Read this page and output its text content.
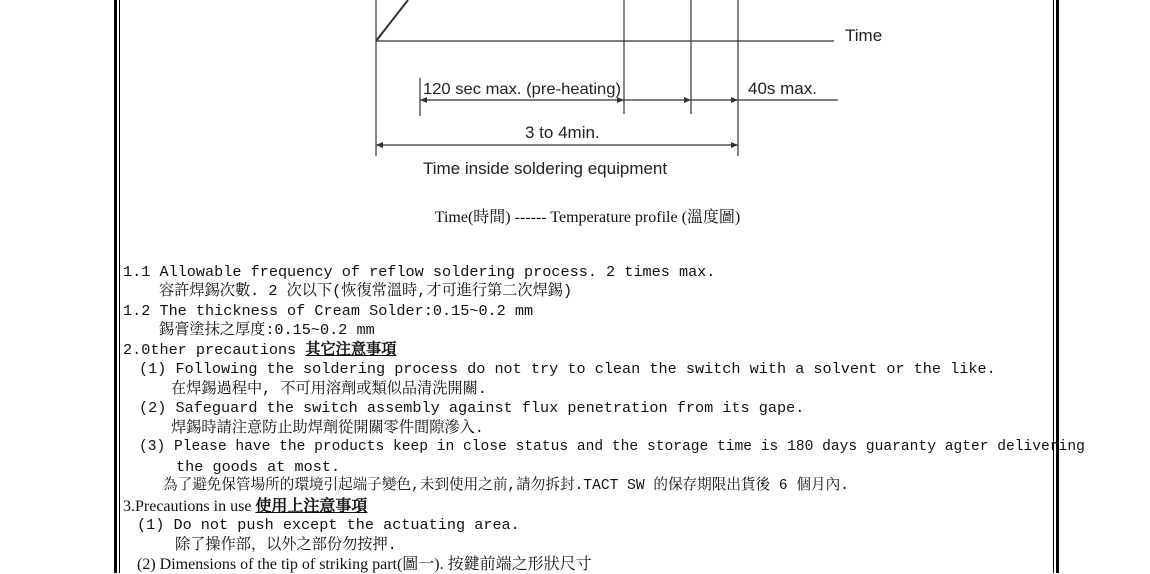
Time
120 sec max. (pre-heating)	40s max.
3 to 4min.
Time inside soldering equipment
Time(時間) ------ Temperature profile (溫度圖)
1.1 Allowable frequency of reflow soldering process. 2 times max.
容許焊錫次數. 2 次以下(恢復常溫時,才可進行第二次焊錫)
1.2 The thickness of Cream Solder:0.15~0.2 mm
錫膏塗抹之厚度:0.15~0.2 mm
2.0ther precautions 其它注意事項
(1) Following the soldering process do not try to clean the switch with a solvent or the like.
在焊錫過程中, 不可用溶劑或類似品清洗開關.
(2) Safeguard the switch assembly against flux penetration from its gape.
焊錫時請注意防止助焊劑從開關零件間隙滲入.
(3) Please have the products keep in close status and the storage time is 180 days guaranty agter delivering
the goods at most.
為了避免保管場所的環境引起端子變色,未到使用之前,請勿拆封.TACT SW 的保存期限出貨後 6 個月內.
3.Precautions in use 使用上注意事項
(1) Do not push except the actuating area.
除了操作部，以外之部份勿按押.
(2) Dimensions of the tip of striking part(圖一). 按鍵前端之形狀尺寸
